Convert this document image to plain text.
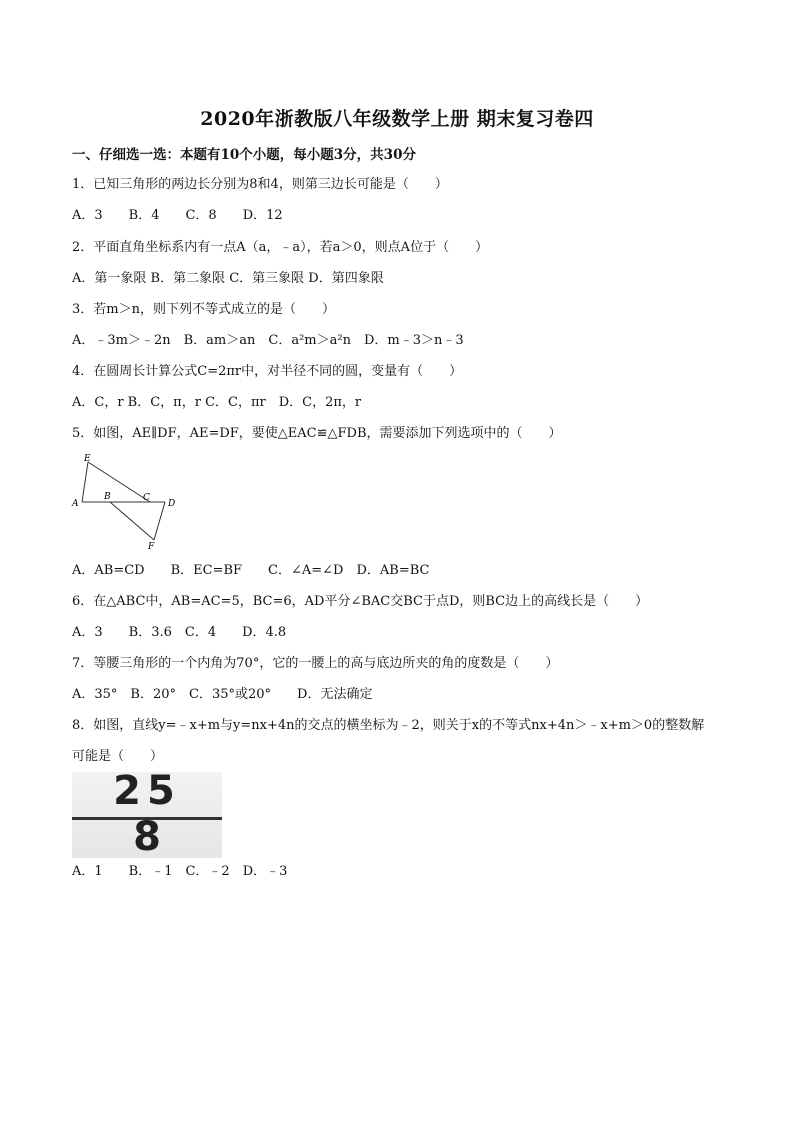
2020年浙教版八年级数学上册 期末复习卷四
一、仔细选一选：本题有10个小题，每小题3分，共30分
1．已知三角形的两边长分别为8和4，则第三边长可能是（　　）
A．3　　B．4　　C．8　　D．12
2．平面直角坐标系内有一点A（a，﹣a），若a＞0，则点A位于（　　）
A．第一象限 B．第二象限 C．第三象限 D．第四象限
3．若m＞n，则下列不等式成立的是（　　）
A．﹣3m＞﹣2n　B．am＞an　C．a²m＞a²n　D．m﹣3＞n﹣3
4．在圆周长计算公式C=2πr中，对半径不同的圆，变量有（　　）
A．C，r B．C，π，r C．C，πr　D．C，2π，r
5．如图，AE∥DF，AE=DF，要使△EAC≌△FDB，需要添加下列选项中的（　　）
E
A
B	C
D
F
A．AB=CD　　B．EC=BF　　C．∠A=∠D　D．AB=BC
6．在△ABC中，AB=AC=5，BC=6，AD平分∠BAC交BC于点D，则BC边上的高线长是（　　）
A．3　　B．3.6　C．4　　D．4.8
7．等腰三角形的一个内角为70°，它的一腰上的高与底边所夹的角的度数是（　　）
A．35°　B．20°　C．35°或20°　　D．无法确定
8．如图，直线y=﹣x+m与y=nx+4n的交点的横坐标为﹣2，则关于x的不等式nx+4n＞﹣x+m＞0的整数解
可能是（　　）
25
8
A．1　　B．﹣1　C．﹣2　D．﹣3
